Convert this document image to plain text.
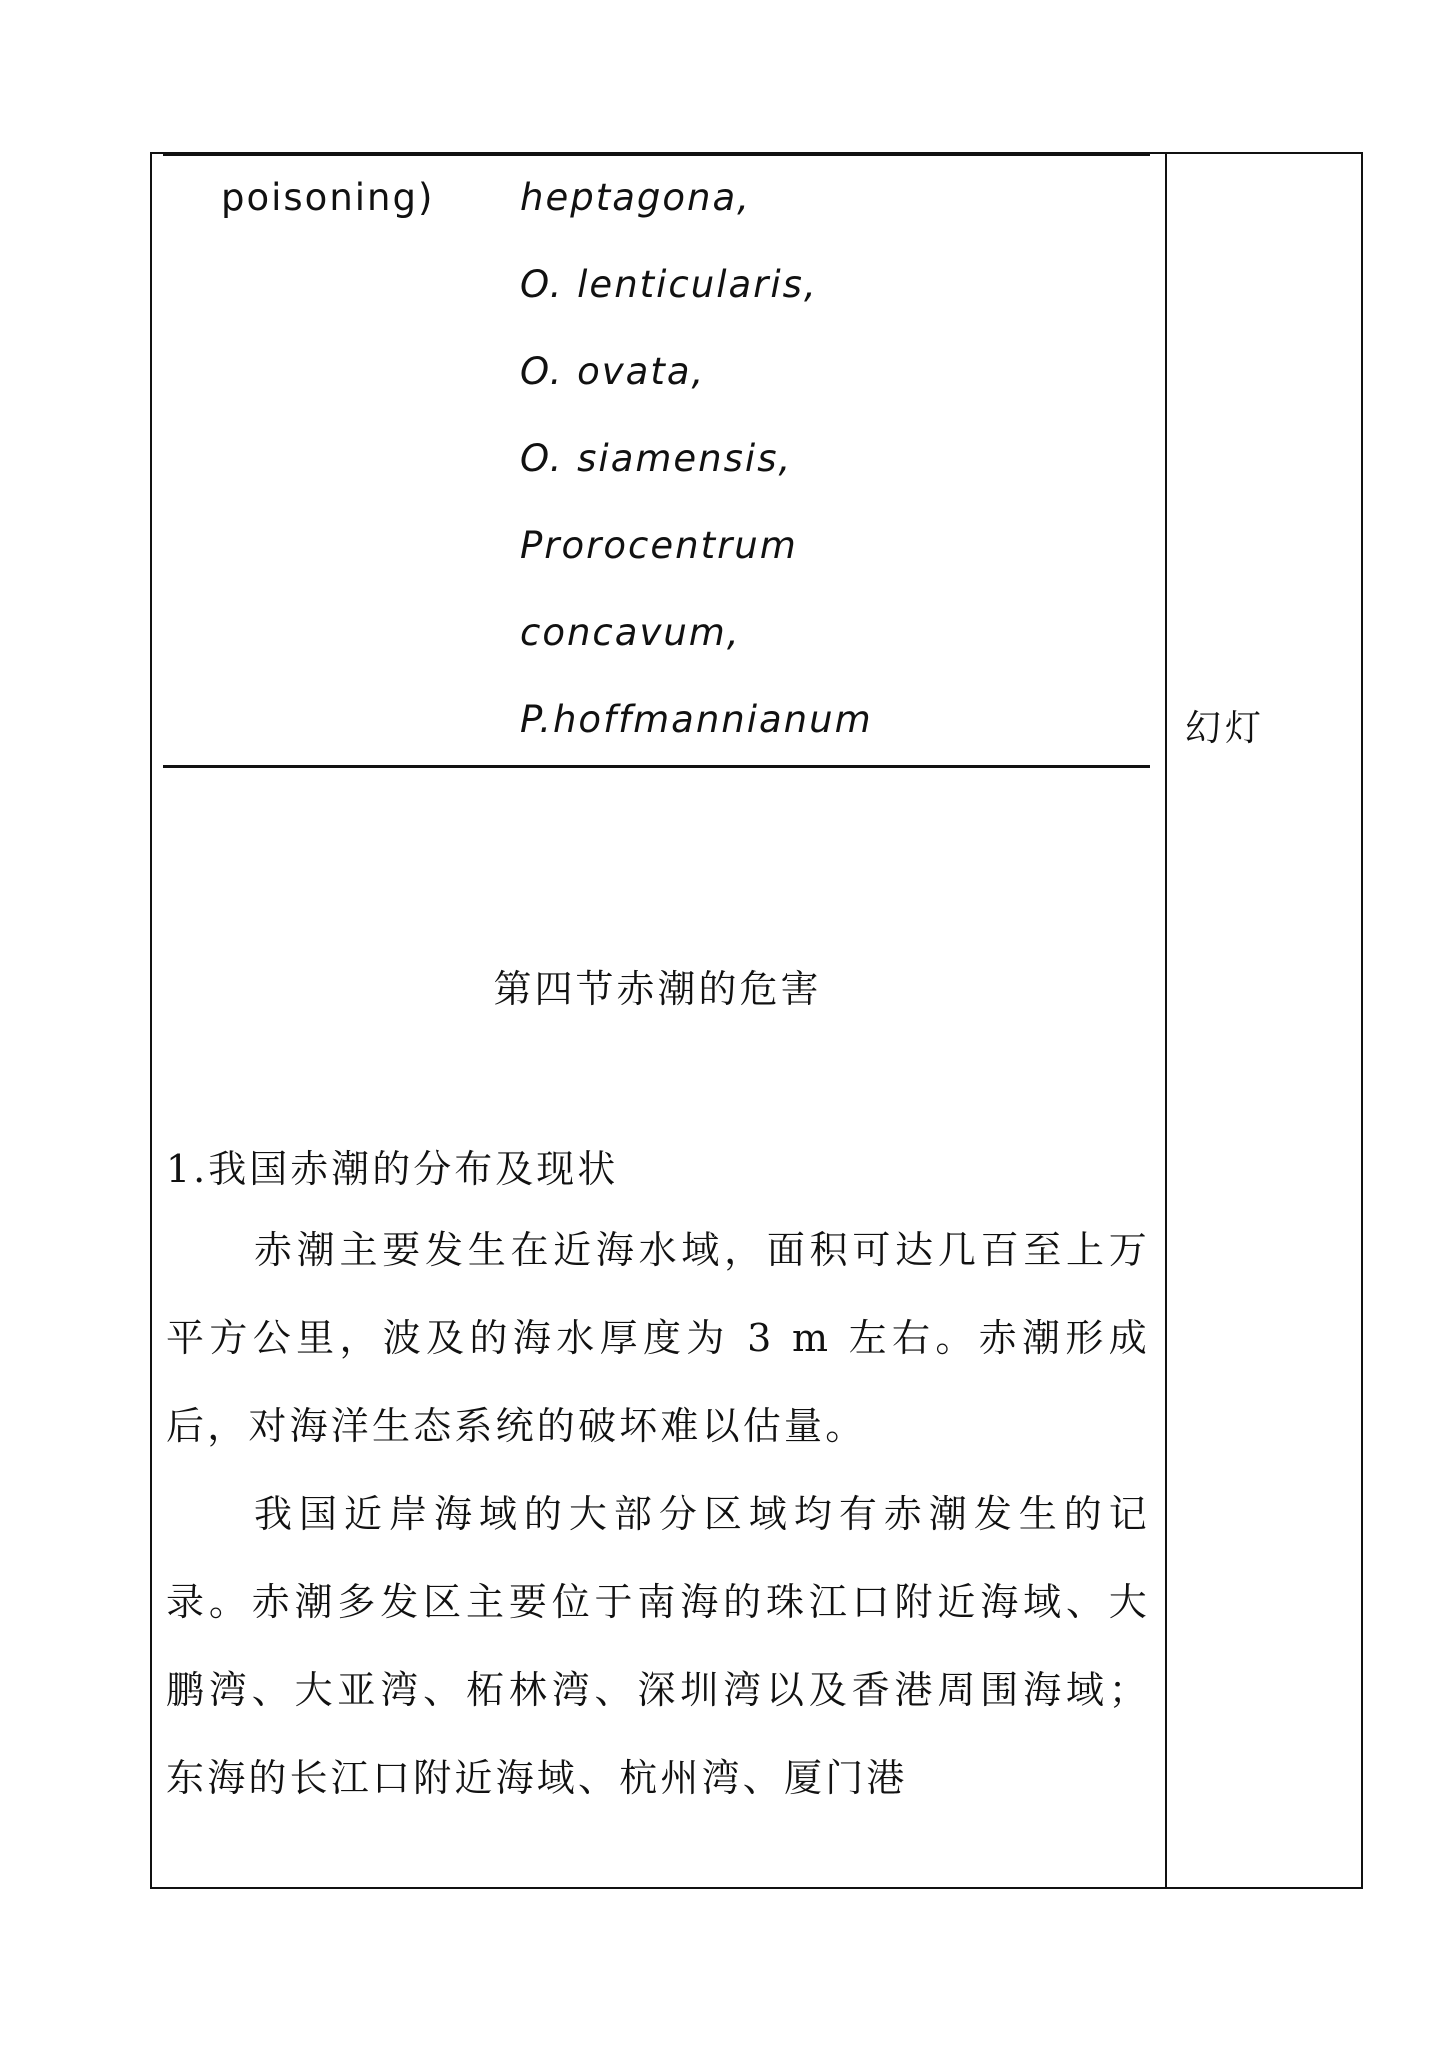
poisoning) heptagona,
O. lenticularis,
O. ovata,
O. siamensis,
Prorocentrum
concavum,
P.hoffmannianum	幻灯
第四节赤潮的危害
1.我国赤潮的分布及现状

赤潮主要发生在近海水域，面积可达几百至上万平方公里，波及的海水厚度为 3 m 左右。赤潮形成后，对海洋生态系统的破坏难以估量。

我国近岸海域的大部分区域均有赤潮发生的记录。赤潮多发区主要位于南海的珠江口附近海域、大鹏湾、大亚湾、柘林湾、深圳湾以及香港周围海域；东海的长江口附近海域、杭州湾、厦门港
